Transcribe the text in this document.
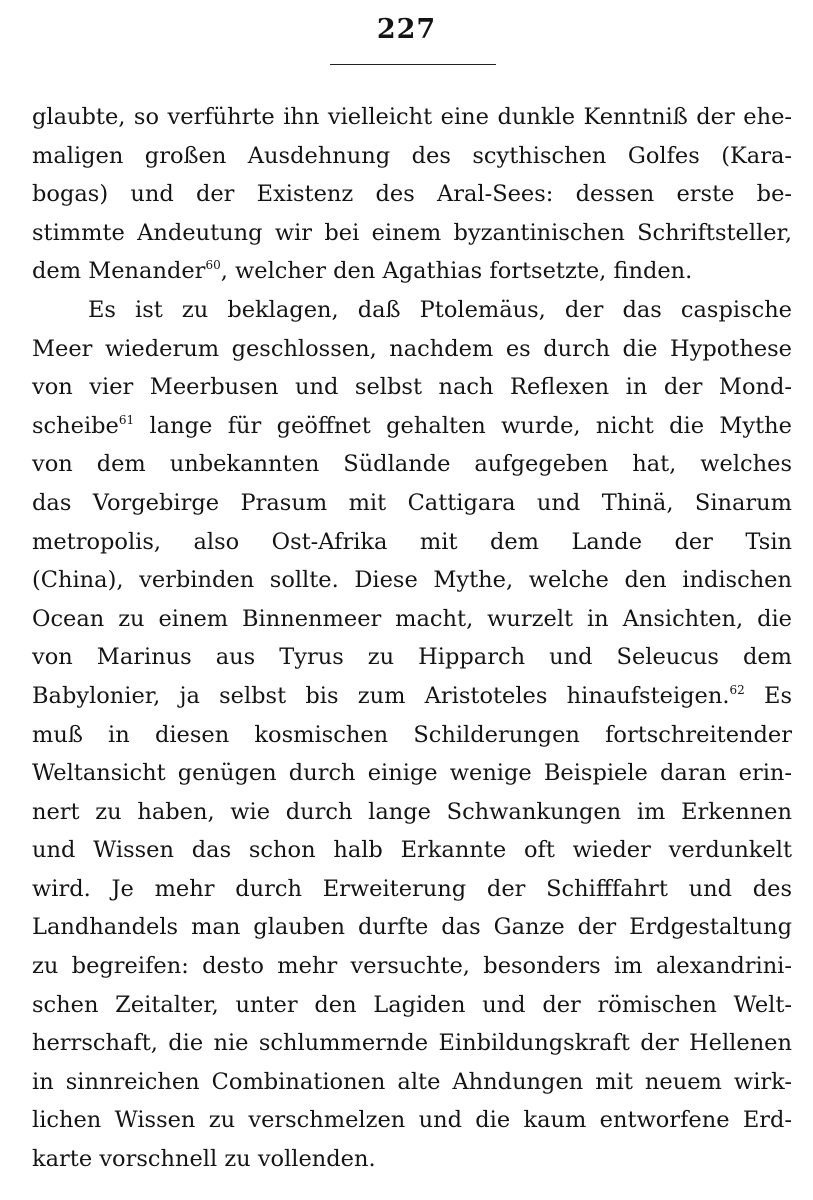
227
glaubte, so verführte ihn vielleicht eine dunkle Kenntniß der ehe-
maligen großen Ausdehnung des scythischen Golfes (Kara-
bogas) und der Existenz des Aral-Sees: dessen erste be-
stimmte Andeutung wir bei einem byzantinischen Schriftsteller,
dem Menander$^{60}$, welcher den Agathias fortsetzte, finden.
Es ist zu beklagen, daß Ptolemäus, der das caspische
Meer wiederum geschlossen, nachdem es durch die Hypothese
von vier Meerbusen und selbst nach Reflexen in der Mond-
scheibe$^{61}$ lange für geöffnet gehalten wurde, nicht die Mythe
von dem unbekannten Südlande aufgegeben hat, welches
das Vorgebirge Prasum mit Cattigara und Thinä, Sinarum
metropolis, also Ost-Afrika mit dem Lande der Tsin
(China), verbinden sollte. Diese Mythe, welche den indischen
Ocean zu einem Binnenmeer macht, wurzelt in Ansichten, die
von Marinus aus Tyrus zu Hipparch und Seleucus dem
Babylonier, ja selbst bis zum Aristoteles hinaufsteigen.$^{62}$ Es
muß in diesen kosmischen Schilderungen fortschreitender
Weltansicht genügen durch einige wenige Beispiele daran erin-
nert zu haben, wie durch lange Schwankungen im Erkennen
und Wissen das schon halb Erkannte oft wieder verdunkelt
wird. Je mehr durch Erweiterung der Schifffahrt und des
Landhandels man glauben durfte das Ganze der Erdgestaltung
zu begreifen: desto mehr versuchte, besonders im alexandrini-
schen Zeitalter, unter den Lagiden und der römischen Welt-
herrschaft, die nie schlummernde Einbildungskraft der Hellenen
in sinnreichen Combinationen alte Ahndungen mit neuem wirk-
lichen Wissen zu verschmelzen und die kaum entworfene Erd-
karte vorschnell zu vollenden.
